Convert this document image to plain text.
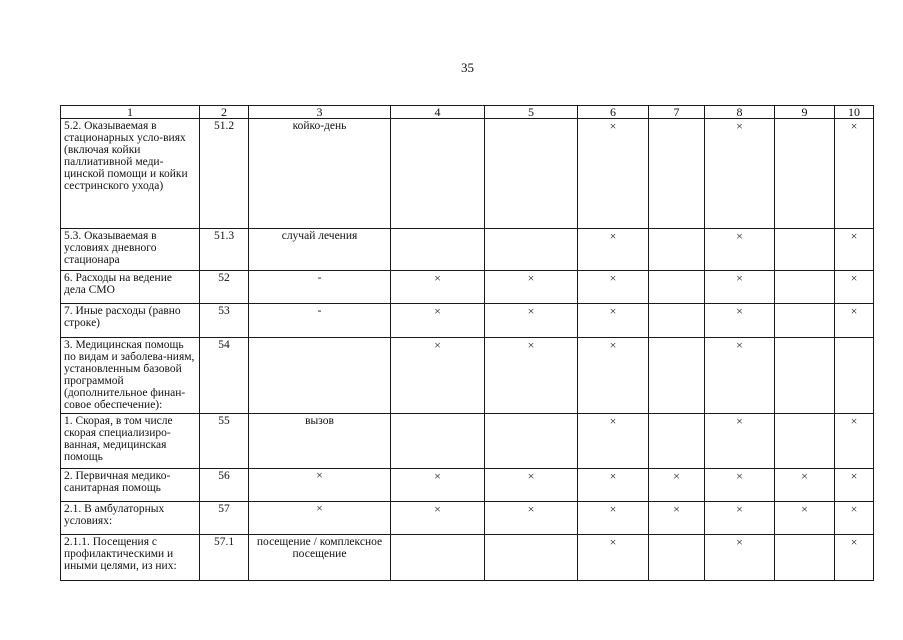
35
1	2	3	4	5	6	7	8	9	10
5.2. Оказываемая в стационарных усло-виях (включая койки паллиативной меди-цинской помощи и койки сестринского ухода)	51.2	койко-день			×		×		×
5.3. Оказываемая в условиях дневного стационара	51.3	случай лечения			×		×		×
6. Расходы на ведение дела СМО	52	-	×	×	×		×		×
7. Иные расходы (равно строке)	53	-	×	×	×		×		×
3. Медицинская помощь по видам и заболева-ниям, установленным базовой программой (дополнительное финан-совое обеспечение):	54		×	×	×		×		
1. Скорая, в том числе скорая специализиро-ванная, медицинская помощь	55	вызов			×		×		×
2. Первичная медико-санитарная помощь	56	×	×	×	×	×	×	×	×
2.1. В амбулаторных условиях:	57	×	×	×	×	×	×	×	×
2.1.1. Посещения с профилактическими и иными целями, из них:	57.1	посещение / комплексное посещение			×		×		×
